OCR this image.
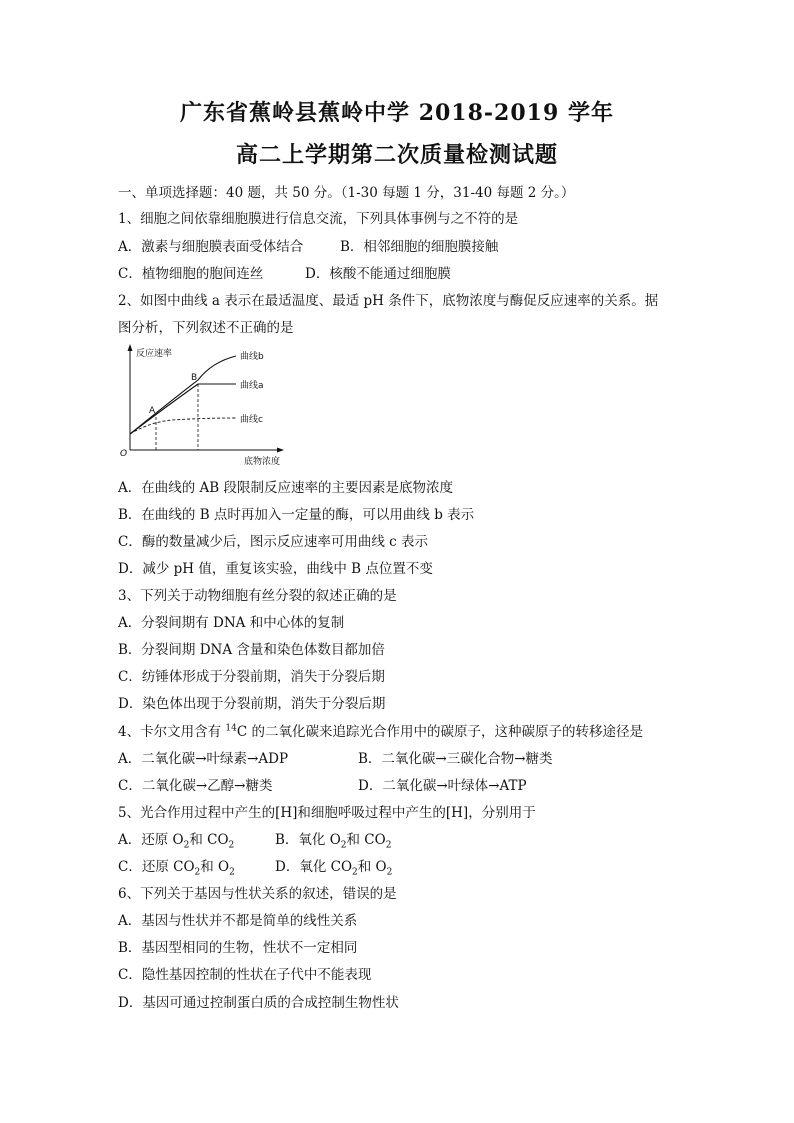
广东省蕉岭县蕉岭中学 2018-2019 学年
高二上学期第二次质量检测试题
一、单项选择题：40 题，共 50 分。（1-30 每题 1 分，31-40 每题 2 分。）
1、细胞之间依靠细胞膜进行信息交流，下列具体事例与之不符的是
A．激素与细胞膜表面受体结合	B．相邻细胞的细胞膜接触
C．植物细胞的胞间连丝	D．核酸不能通过细胞膜
2、如图中曲线 a 表示在最适温度、最适 pH 条件下，底物浓度与酶促反应速率的关系。据
图分析，下列叙述不正确的是
反应速率
底物浓度
O
A
B
曲线b
曲线a
曲线c
A．在曲线的 AB 段限制反应速率的主要因素是底物浓度
B．在曲线的 B 点时再加入一定量的酶，可以用曲线 b 表示
C．酶的数量减少后，图示反应速率可用曲线 c 表示
D．减少 pH 值，重复该实验，曲线中 B 点位置不变
3、下列关于动物细胞有丝分裂的叙述正确的是
A．分裂间期有 DNA 和中心体的复制
B．分裂间期 DNA 含量和染色体数目都加倍
C．纺锤体形成于分裂前期，消失于分裂后期
D．染色体出现于分裂前期，消失于分裂后期
4、卡尔文用含有 $^{14}$C 的二氧化碳来追踪光合作用中的碳原子，这种碳原子的转移途径是
A．二氧化碳→叶绿素→ADP	B．二氧化碳→三碳化合物→糖类
C．二氧化碳→乙醇→糖类	D．二氧化碳→叶绿体→ATP
5、光合作用过程中产生的[H]和细胞呼吸过程中产生的[H]，分别用于
A．还原 $O_2$和 $CO_2$	B．氧化 $O_2$和 $CO_2$
C．还原 $CO_2$和 $O_2$	D．氧化 $CO_2$和 $O_2$
6、下列关于基因与性状关系的叙述，错误的是
A．基因与性状并不都是简单的线性关系
B．基因型相同的生物，性状不一定相同
C．隐性基因控制的性状在子代中不能表现
D．基因可通过控制蛋白质的合成控制生物性状
